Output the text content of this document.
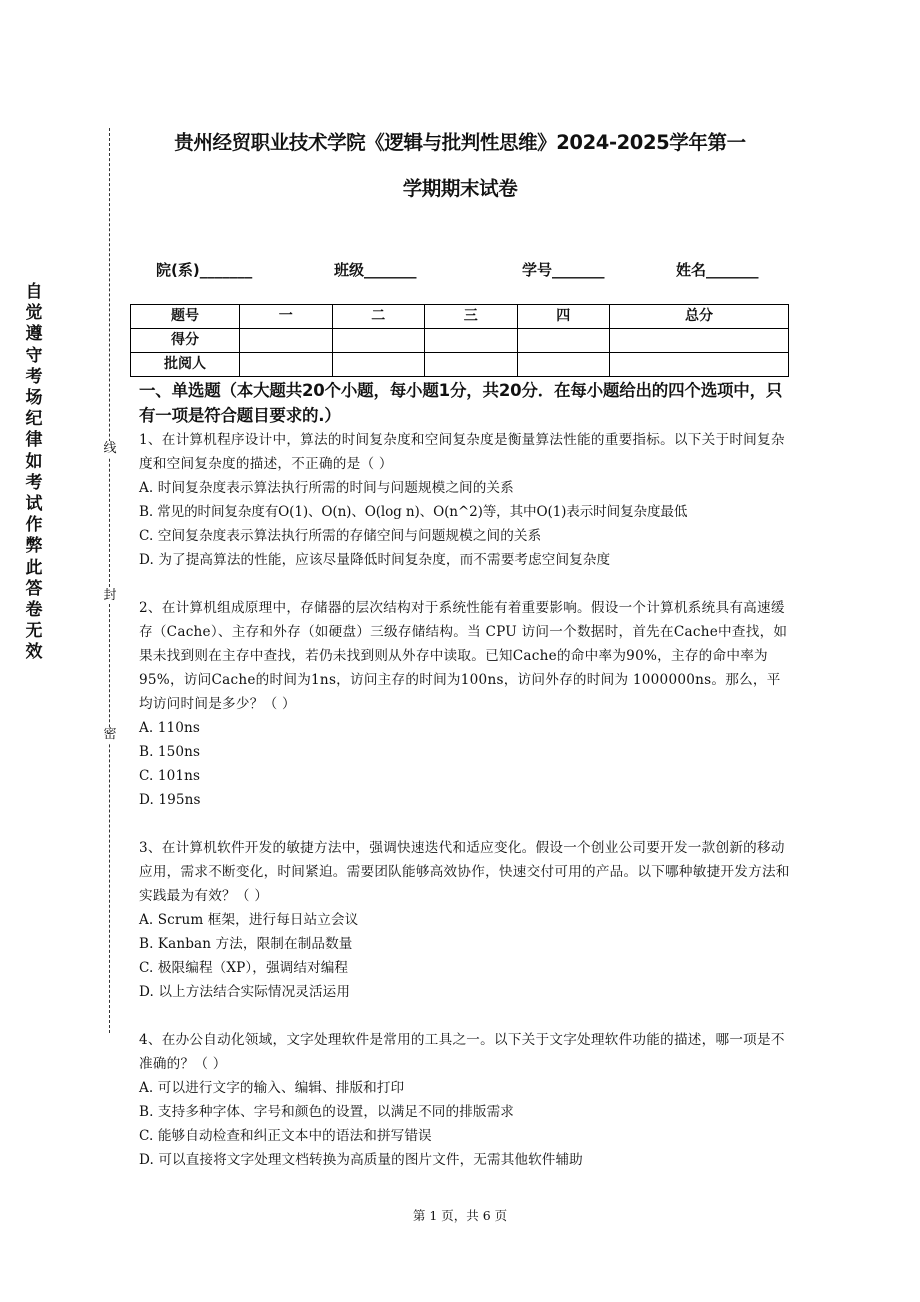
自
觉
遵
守
考
场
纪
律
如
考
试
作
弊
此
答
卷
无
效
线
封
密
贵州经贸职业技术学院《逻辑与批判性思维》2024-2025学年第一
学期期末试卷
院(系)_______	班级_______	学号_______	姓名_______
题号	一	二	三	四	总分
得分					
批阅人					
一、单选题（本大题共20个小题，每小题1分，共20分．在每小题给出的四个选项中，只有一项是符合题目要求的.）

1、在计算机程序设计中，算法的时间复杂度和空间复杂度是衡量算法性能的重要指标。以下关于时间复杂度和空间复杂度的描述，不正确的是（ ）

A. 时间复杂度表示算法执行所需的时间与问题规模之间的关系

B. 常见的时间复杂度有O(1)、O(n)、O(log n)、O(n^2)等，其中O(1)表示时间复杂度最低

C. 空间复杂度表示算法执行所需的存储空间与问题规模之间的关系

D. 为了提高算法的性能，应该尽量降低时间复杂度，而不需要考虑空间复杂度

2、在计算机组成原理中，存储器的层次结构对于系统性能有着重要影响。假设一个计算机系统具有高速缓存（Cache）、主存和外存（如硬盘）三级存储结构。当 CPU 访问一个数据时，首先在Cache中查找，如果未找到则在主存中查找，若仍未找到则从外存中读取。已知Cache的命中率为90%，主存的命中率为95%，访问Cache的时间为1ns，访问主存的时间为100ns，访问外存的时间为 1000000ns。那么，平均访问时间是多少？（ ）

A. 110ns

B. 150ns

C. 101ns

D. 195ns

3、在计算机软件开发的敏捷方法中，强调快速迭代和适应变化。假设一个创业公司要开发一款创新的移动应用，需求不断变化，时间紧迫。需要团队能够高效协作，快速交付可用的产品。以下哪种敏捷开发方法和实践最为有效？（ ）

A. Scrum 框架，进行每日站立会议

B. Kanban 方法，限制在制品数量

C. 极限编程（XP），强调结对编程

D. 以上方法结合实际情况灵活运用

4、在办公自动化领域，文字处理软件是常用的工具之一。以下关于文字处理软件功能的描述，哪一项是不准确的？（ ）

A. 可以进行文字的输入、编辑、排版和打印

B. 支持多种字体、字号和颜色的设置，以满足不同的排版需求

C. 能够自动检查和纠正文本中的语法和拼写错误

D. 可以直接将文字处理文档转换为高质量的图片文件，无需其他软件辅助

第 1 页，共 6 页
